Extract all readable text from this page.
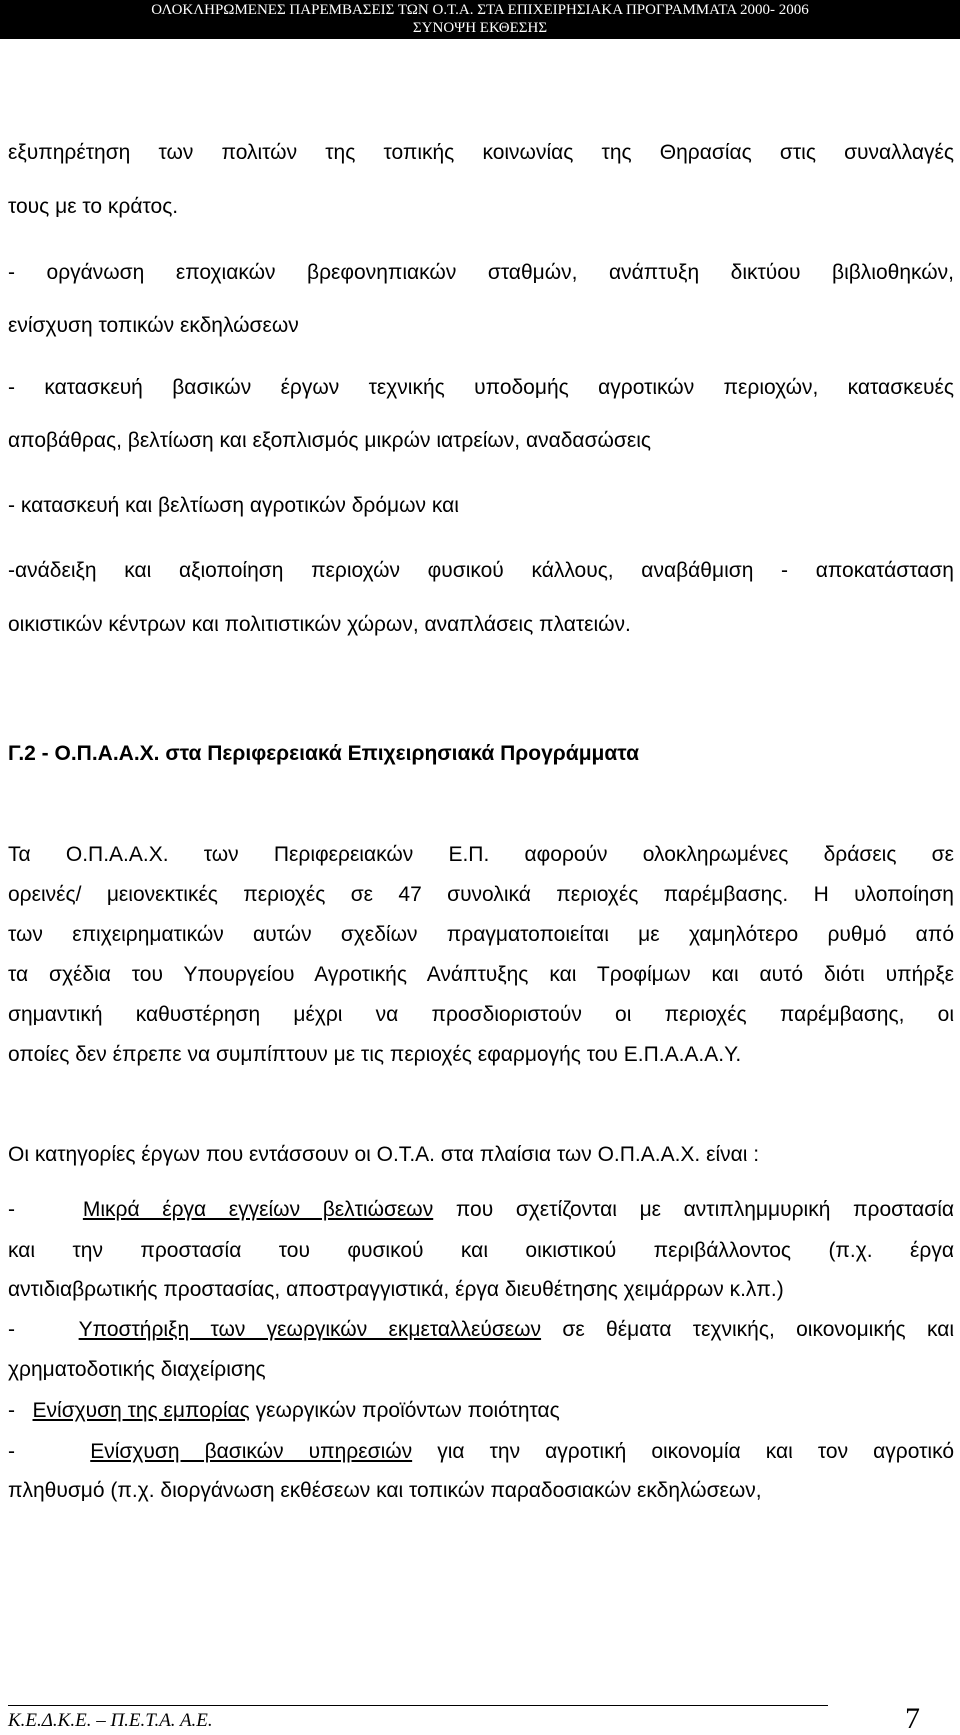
ΟΛΟΚΛΗΡΩΜΕΝΕΣ ΠΑΡΕΜΒΑΣΕΙΣ ΤΩΝ Ο.Τ.Α. ΣΤΑ ΕΠΙΧΕΙΡΗΣΙΑΚΑ ΠΡΟΓΡΑΜΜΑΤΑ 2000- 2006
ΣΥΝΟΨΗ ΕΚΘΕΣΗΣ
εξυπηρέτηση των πολιτών της τοπικής κοινωνίας της Θηρασίας στις συναλλαγές
τους με το κράτος.
- οργάνωση εποχιακών βρεφονηπιακών σταθμών, ανάπτυξη δικτύου βιβλιοθηκών,
ενίσχυση τοπικών εκδηλώσεων
- κατασκευή βασικών έργων τεχνικής υποδομής αγροτικών περιοχών, κατασκευές
αποβάθρας, βελτίωση και εξοπλισμός μικρών ιατρείων, αναδασώσεις
- κατασκευή και βελτίωση αγροτικών δρόμων και
-ανάδειξη και αξιοποίηση περιοχών φυσικού κάλλους, αναβάθμιση - αποκατάσταση
οικιστικών κέντρων και πολιτιστικών χώρων, αναπλάσεις πλατειών.
Γ.2 - Ο.Π.Α.Α.Χ. στα Περιφερειακά Επιχειρησιακά Προγράμματα
Τα Ο.Π.Α.Α.Χ. των Περιφερειακών Ε.Π. αφορούν ολοκληρωμένες δράσεις σε
ορεινές/ μειονεκτικές περιοχές σε 47 συνολικά περιοχές παρέμβασης. Η υλοποίηση
των επιχειρηματικών αυτών σχεδίων πραγματοποιείται με χαμηλότερο ρυθμό από
τα σχέδια του Υπουργείου Αγροτικής Ανάπτυξης και Τροφίμων και αυτό διότι υπήρξε
σημαντική καθυστέρηση μέχρι να προσδιοριστούν οι περιοχές παρέμβασης, οι
οποίες δεν έπρεπε να συμπίπτουν με τις περιοχές εφαρμογής του Ε.Π.Α.Α.Α.Υ.
Οι κατηγορίες έργων που εντάσσουν οι Ο.Τ.Α. στα πλαίσια των Ο.Π.Α.Α.Χ. είναι :
-	Μικρά έργα εγγείων βελτιώσεων που σχετίζονται με αντιπλημμυρική προστασία
και την προστασία του φυσικού και οικιστικού περιβάλλοντος (π.χ. έργα
αντιδιαβρωτικής προστασίας, αποστραγγιστικά, έργα διευθέτησης χειμάρρων κ.λπ.)
-	Υποστήριξη των γεωργικών εκμεταλλεύσεων σε θέματα τεχνικής, οικονομικής και
χρηματοδοτικής διαχείρισης
- Ενίσχυση της εμπορίας γεωργικών προϊόντων ποιότητας
-	Ενίσχυση βασικών υπηρεσιών για την αγροτική οικονομία και τον αγροτικό
πληθυσμό (π.χ. διοργάνωση εκθέσεων και τοπικών παραδοσιακών εκδηλώσεων,
Κ.Ε.Δ.Κ.Ε. – Π.Ε.Τ.Α. Α.Ε.	7
